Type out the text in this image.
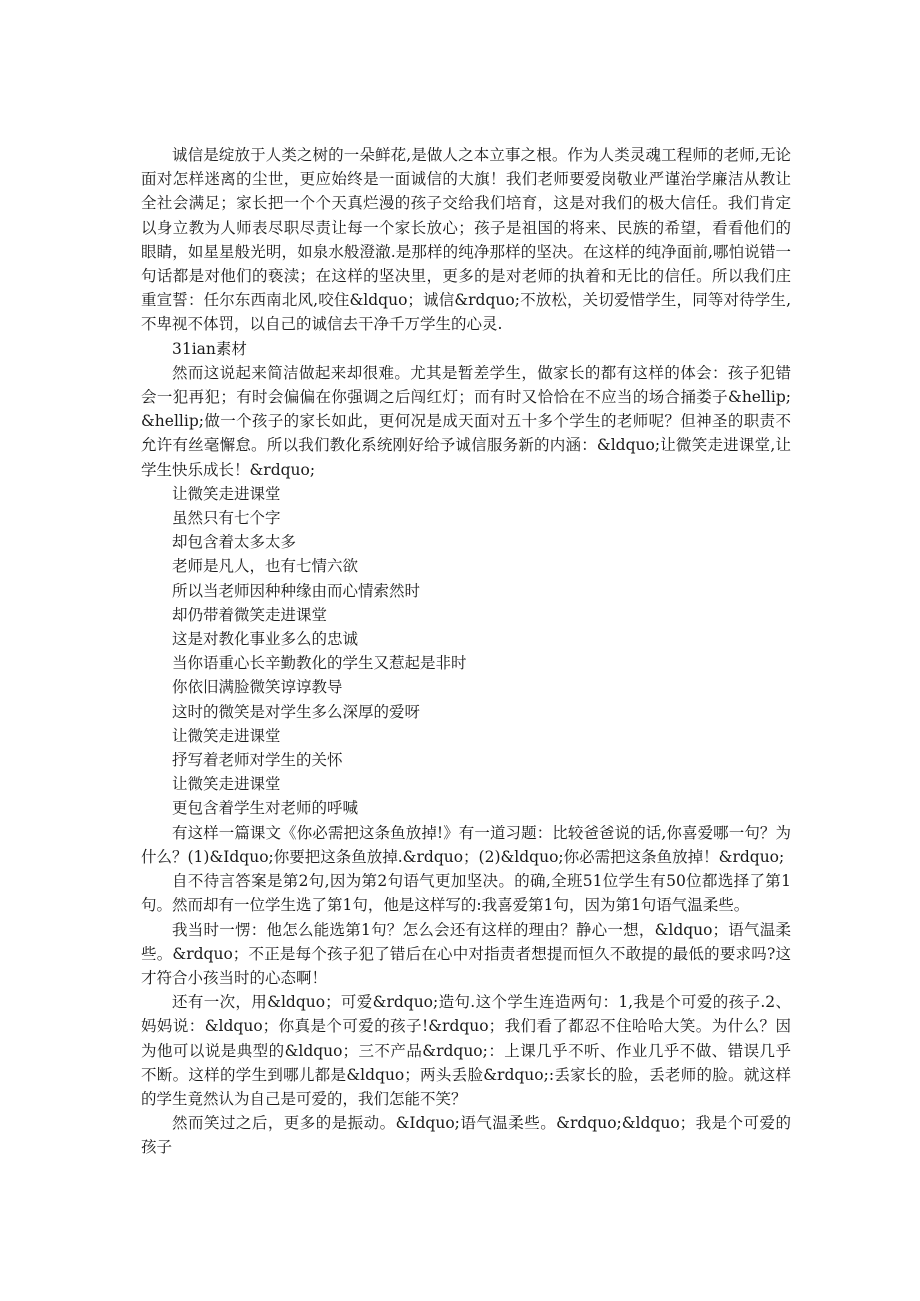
诚信是绽放于人类之树的一朵鲜花,是做人之本立事之根。作为人类灵魂工程师的老师,无论面对怎样迷离的尘世，更应始终是一面诚信的大旗！我们老师要爱岗敬业严谨治学廉洁从教让全社会满足；家长把一个个天真烂漫的孩子交给我们培育，这是对我们的极大信任。我们肯定以身立教为人师表尽职尽责让每一个家长放心；孩子是祖国的将来、民族的希望，看看他们的眼睛，如星星般光明，如泉水般澄澈.是那样的纯净那样的坚决。在这样的纯净面前,哪怕说错一句话都是对他们的亵渎；在这样的坚决里，更多的是对老师的执着和无比的信任。所以我们庄重宣誓：任尔东西南北风,咬住&ldquo；诚信&rdquo;不放松，关切爱惜学生，同等对待学生,不卑视不体罚，以自己的诚信去干净千万学生的心灵.

31ian素材

然而这说起来简洁做起来却很难。尤其是暂差学生，做家长的都有这样的体会：孩子犯错会一犯再犯；有时会偏偏在你强调之后闯红灯；而有时又恰恰在不应当的场合捅娄子&hellip;&hellip;做一个孩子的家长如此，更何况是成天面对五十多个学生的老师呢？但神圣的职责不允许有丝毫懈怠。所以我们教化系统刚好给予诚信服务新的内涵：&ldquo;让微笑走进课堂,让学生快乐成长！&rdquo;

让微笑走进课堂
虽然只有七个字
却包含着太多太多
老师是凡人，也有七情六欲
所以当老师因种种缘由而心情索然时
却仍带着微笑走进课堂
这是对教化事业多么的忠诚
当你语重心长辛勤教化的学生又惹起是非时
你依旧满脸微笑谆谆教导
这时的微笑是对学生多么深厚的爱呀
让微笑走进课堂
抒写着老师对学生的关怀
让微笑走进课堂
更包含着学生对老师的呼喊

有这样一篇课文《你必需把这条鱼放掉!》有一道习题：比较爸爸说的话,你喜爱哪一句？为什么？(1)&Idquo;你要把这条鱼放掉.&rdquo；(2)&ldquo;你必需把这条鱼放掉！&rdquo;

自不待言答案是第2句,因为第2句语气更加坚决。的确,全班51位学生有50位都选择了第1句。然而却有一位学生选了第1句，他是这样写的:我喜爱第1句，因为第1句语气温柔些。

我当时一愣：他怎么能选第1句？怎么会还有这样的理由？静心一想，&ldquo；语气温柔些。&rdquo；不正是每个孩子犯了错后在心中对指责者想提而恒久不敢提的最低的要求吗?这才符合小孩当时的心态啊！

还有一次，用&ldquo；可爱&rdquo;造句.这个学生连造两句：1,我是个可爱的孩子.2、妈妈说：&ldquo；你真是个可爱的孩子!&rdquo；我们看了都忍不住哈哈大笑。为什么？因为他可以说是典型的&ldquo；三不产品&rdquo;：上课几乎不听、作业几乎不做、错误几乎不断。这样的学生到哪儿都是&ldquo；两头丢脸&rdquo;:丢家长的脸，丢老师的脸。就这样的学生竟然认为自己是可爱的，我们怎能不笑？

然而笑过之后，更多的是振动。&Idquo;语气温柔些。&rdquo;&ldquo；我是个可爱的孩子
